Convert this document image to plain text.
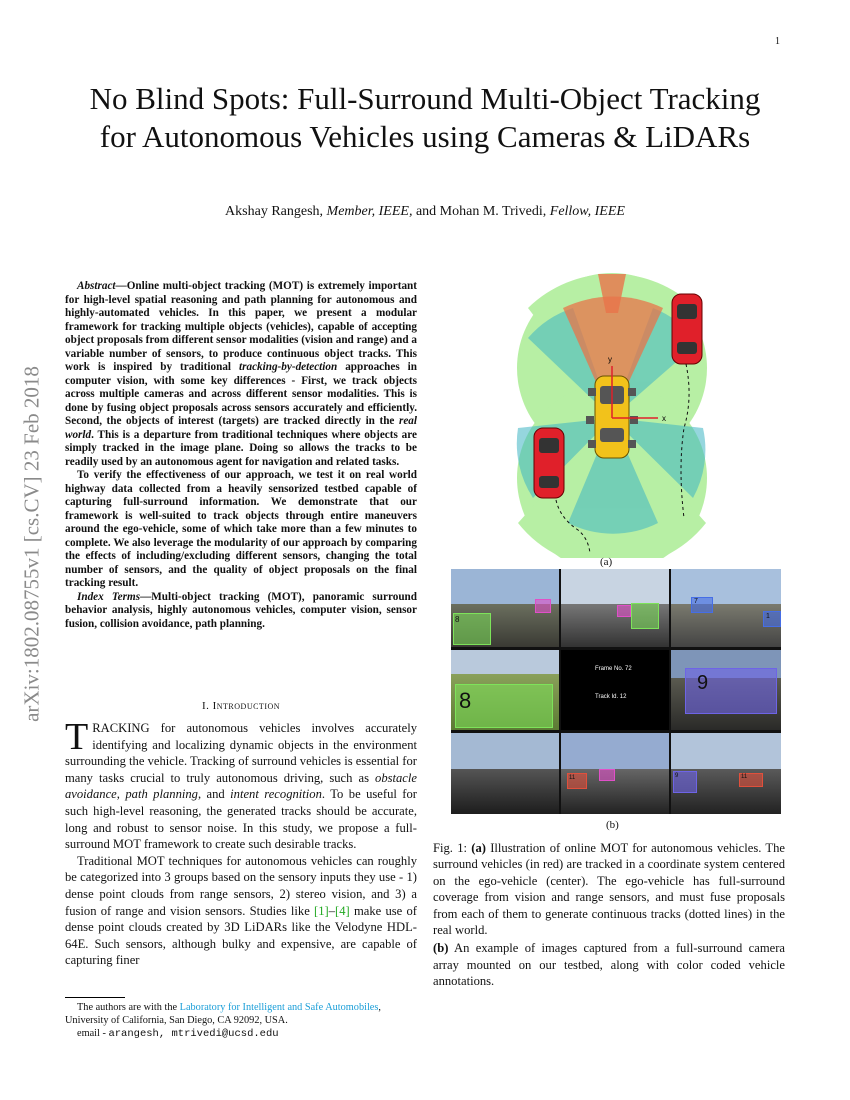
1
No Blind Spots: Full-Surround Multi-Object Tracking for Autonomous Vehicles using Cameras & LiDARs
Akshay Rangesh, Member, IEEE, and Mohan M. Trivedi, Fellow, IEEE
arXiv:1802.08755v1 [cs.CV] 23 Feb 2018

Abstract—Online multi-object tracking (MOT) is extremely important for high-level spatial reasoning and path planning for autonomous and highly-automated vehicles. In this paper, we present a modular framework for tracking multiple objects (vehicles), capable of accepting object proposals from different sensor modalities (vision and range) and a variable number of sensors, to produce continuous object tracks. This work is inspired by traditional tracking-by-detection approaches in computer vision, with some key differences - First, we track objects across multiple cameras and across different sensor modalities. This is done by fusing object proposals across sensors accurately and efficiently. Second, the objects of interest (targets) are tracked directly in the real world. This is a departure from traditional techniques where objects are simply tracked in the image plane. Doing so allows the tracks to be readily used by an autonomous agent for navigation and related tasks.

To verify the effectiveness of our approach, we test it on real world highway data collected from a heavily sensorized testbed capable of capturing full-surround information. We demonstrate that our framework is well-suited to track objects through entire maneuvers around the ego-vehicle, some of which take more than a few minutes to complete. We also leverage the modularity of our approach by comparing the effects of including/excluding different sensors, changing the total number of sensors, and the quality of object proposals on the final tracking result.

Index Terms—Multi-object tracking (MOT), panoramic surround behavior analysis, highly autonomous vehicles, computer vision, sensor fusion, collision avoidance, path planning.

I. Introduction

TRACKING for autonomous vehicles involves accurately identifying and localizing dynamic objects in the environment surrounding the vehicle. Tracking of surround vehicles is essential for many tasks crucial to truly autonomous driving, such as obstacle avoidance, path planning, and intent recognition. To be useful for such high-level reasoning, the generated tracks should be accurate, long and robust to sensor noise. In this study, we propose a full-surround MOT framework to create such desirable tracks.

Traditional MOT techniques for autonomous vehicles can roughly be categorized into 3 groups based on the sensory inputs they use - 1) dense point clouds from range sensors, 2) stereo vision, and 3) a fusion of range and vision sensors. Studies like [1]–[4] make use of dense point clouds created by 3D LiDARs like the Velodyne HDL-64E. Such sensors, although bulky and expensive, are capable of capturing finer

The authors are with the Laboratory for Intelligent and Safe Automobiles,
University of California, San Diego, CA 92092, USA.
email - arangesh, mtrivedi@ucsd.edu
x
y
(a)
8
7
1
8
Frame No. 72
Track Id. 12
9
11	9	11
(b)

Fig. 1: (a) Illustration of online MOT for autonomous vehicles. The surround vehicles (in red) are tracked in a coordinate system centered on the ego-vehicle (center). The ego-vehicle has full-surround coverage from vision and range sensors, and must fuse proposals from each of them to generate continuous tracks (dotted lines) in the real world.

(b) An example of images captured from a full-surround camera array mounted on our testbed, along with color coded vehicle annotations.
